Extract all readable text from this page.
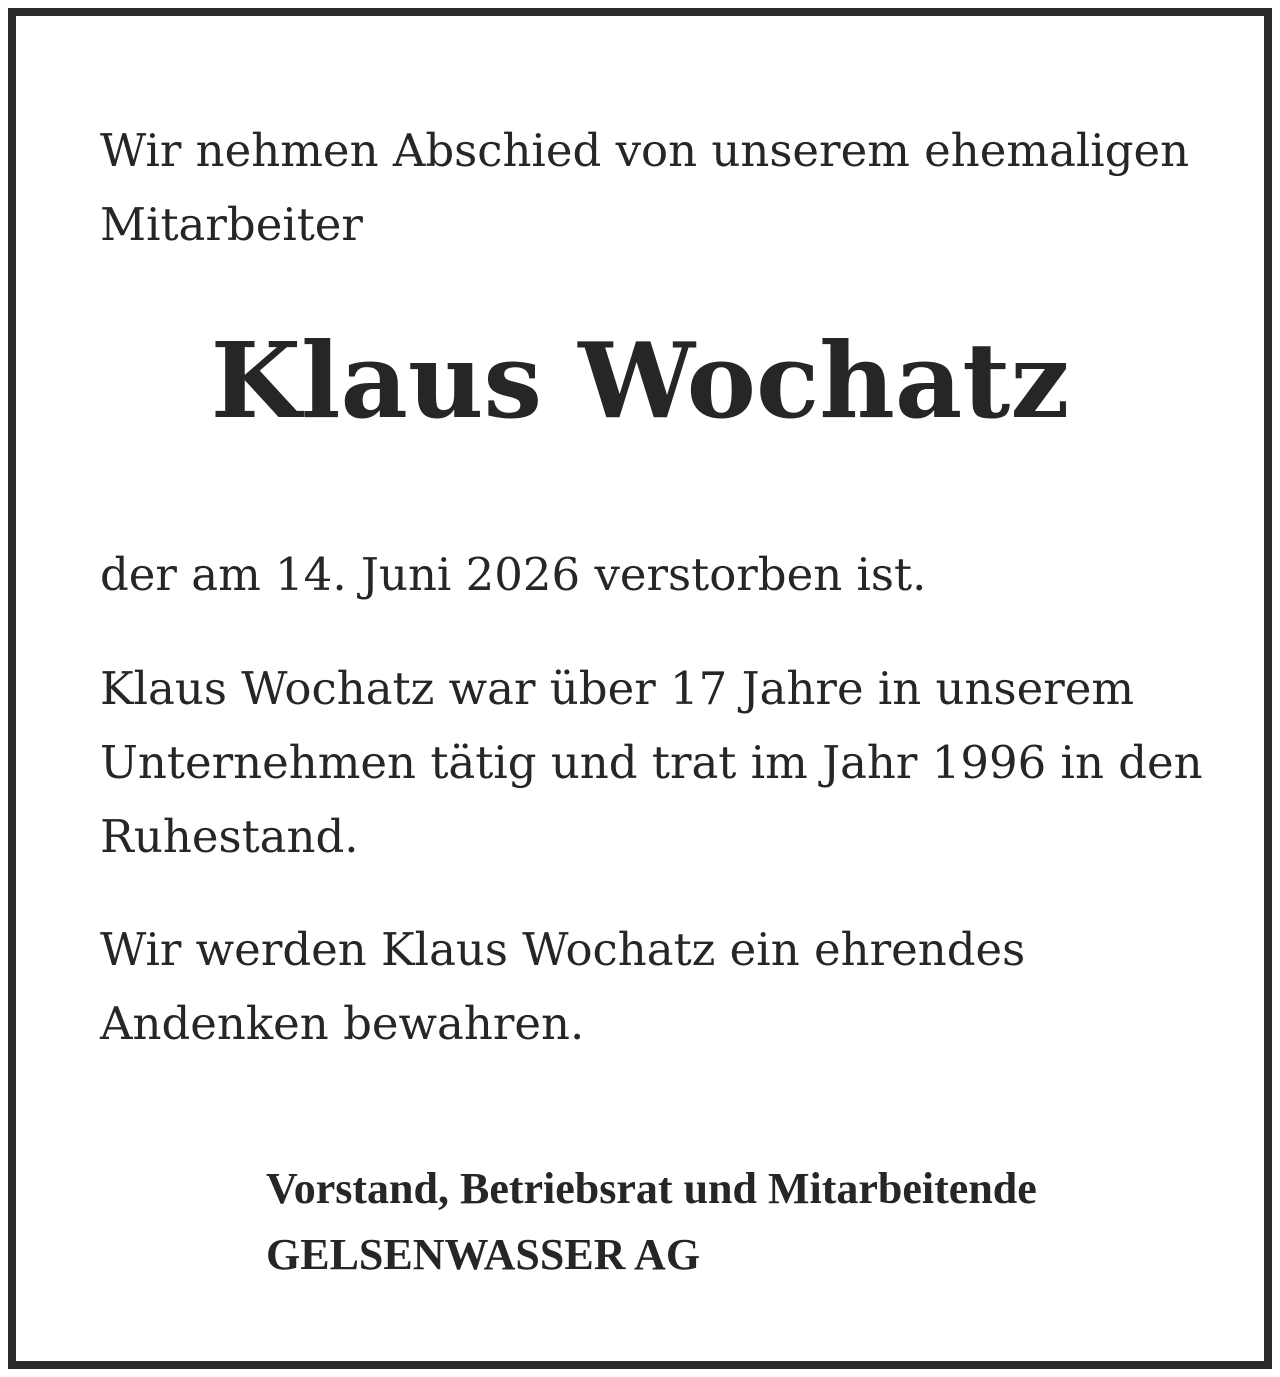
Wir nehmen Abschied von unserem ehemaligen Mitarbeiter

Klaus Wochatz

der am 14. Juni 2026 verstorben ist.

Klaus Wochatz war über 17 Jahre in unserem Unternehmen tätig und trat im Jahr 1996 in den Ruhestand.

Wir werden Klaus Wochatz ein ehrendes Andenken bewahren.

Vorstand, Betriebsrat und Mitarbeitende
GELSENWASSER AG
